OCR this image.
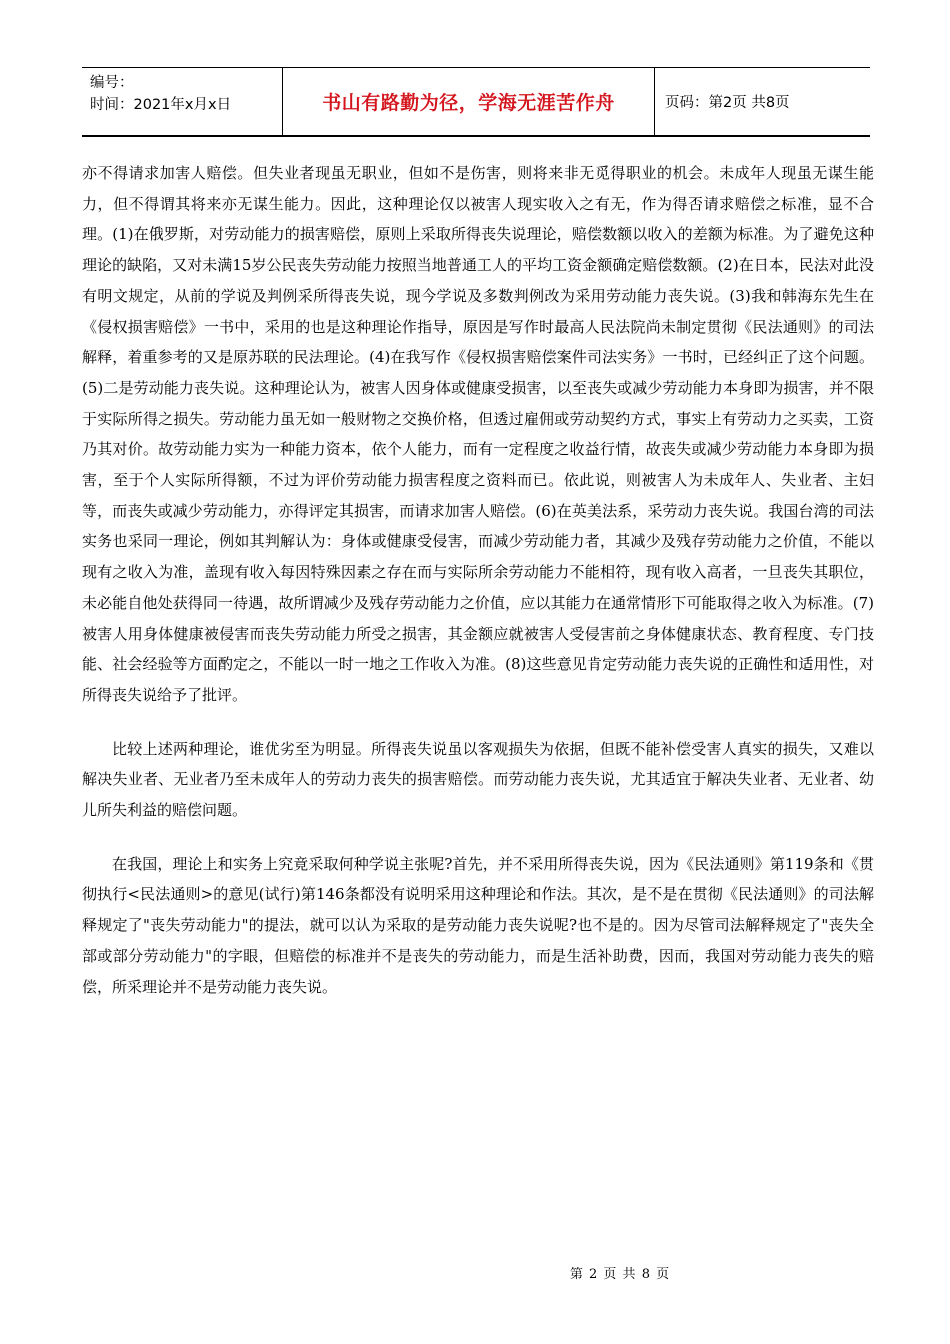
编号：
时间：2021年x月x日	书山有路勤为径，学海无涯苦作舟	页码：第2页 共8页

亦不得请求加害人赔偿。但失业者现虽无职业，但如不是伤害，则将来非无觅得职业的机会。未成年人现虽无谋生能力，但不得谓其将来亦无谋生能力。因此，这种理论仅以被害人现实收入之有无，作为得否请求赔偿之标准，显不合理。(1)在俄罗斯，对劳动能力的损害赔偿，原则上采取所得丧失说理论，赔偿数额以收入的差额为标准。为了避免这种理论的缺陷，又对未满15岁公民丧失劳动能力按照当地普通工人的平均工资金额确定赔偿数额。(2)在日本，民法对此没有明文规定，从前的学说及判例采所得丧失说，现今学说及多数判例改为采用劳动能力丧失说。(3)我和韩海东先生在《侵权损害赔偿》一书中，采用的也是这种理论作指导，原因是写作时最高人民法院尚未制定贯彻《民法通则》的司法解释，着重参考的又是原苏联的民法理论。(4)在我写作《侵权损害赔偿案件司法实务》一书时，已经纠正了这个问题。(5)二是劳动能力丧失说。这种理论认为，被害人因身体或健康受损害，以至丧失或减少劳动能力本身即为损害，并不限于实际所得之损失。劳动能力虽无如一般财物之交换价格，但透过雇佣或劳动契约方式，事实上有劳动力之买卖，工资乃其对价。故劳动能力实为一种能力资本，依个人能力，而有一定程度之收益行情，故丧失或减少劳动能力本身即为损害，至于个人实际所得额，不过为评价劳动能力损害程度之资料而已。依此说，则被害人为未成年人、失业者、主妇等，而丧失或减少劳动能力，亦得评定其损害，而请求加害人赔偿。(6)在英美法系，采劳动力丧失说。我国台湾的司法实务也采同一理论，例如其判解认为：身体或健康受侵害，而减少劳动能力者，其减少及残存劳动能力之价值，不能以现有之收入为准，盖现有收入每因特殊因素之存在而与实际所余劳动能力不能相符，现有收入高者，一旦丧失其职位，未必能自他处获得同一待遇，故所谓减少及残存劳动能力之价值，应以其能力在通常情形下可能取得之收入为标准。(7)被害人用身体健康被侵害而丧失劳动能力所受之损害，其金额应就被害人受侵害前之身体健康状态、教育程度、专门技能、社会经验等方面酌定之，不能以一时一地之工作收入为准。(8)这些意见肯定劳动能力丧失说的正确性和适用性，对所得丧失说给予了批评。

比较上述两种理论，谁优劣至为明显。所得丧失说虽以客观损失为依据，但既不能补偿受害人真实的损失，又难以解决失业者、无业者乃至未成年人的劳动力丧失的损害赔偿。而劳动能力丧失说，尤其适宜于解决失业者、无业者、幼儿所失利益的赔偿问题。

在我国，理论上和实务上究竟采取何种学说主张呢?首先，并不采用所得丧失说，因为《民法通则》第119条和《贯彻执行<民法通则>的意见(试行)第146条都没有说明采用这种理论和作法。其次，是不是在贯彻《民法通则》的司法解释规定了"丧失劳动能力"的提法，就可以认为采取的是劳动能力丧失说呢?也不是的。因为尽管司法解释规定了"丧失全部或部分劳动能力"的字眼，但赔偿的标准并不是丧失的劳动能力，而是生活补助费，因而，我国对劳动能力丧失的赔偿，所采理论并不是劳动能力丧失说。

第 2 页 共 8 页
